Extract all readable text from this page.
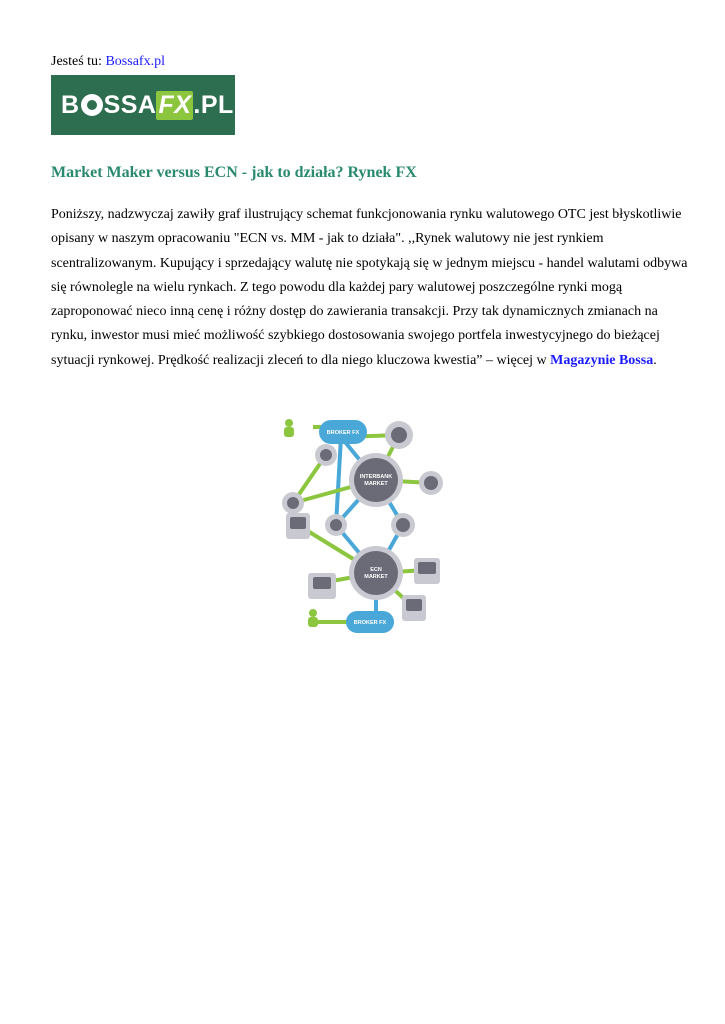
Jesteś tu: Bossafx.pl
B SSA FX .PL
Market Maker versus ECN - jak to działa? Rynek FX

Poniższy, nadzwyczaj zawiły graf ilustrujący schemat funkcjonowania rynku walutowego OTC jest błyskotliwie opisany w naszym opracowaniu "ECN vs. MM - jak to działa". ,,Rynek walutowy nie jest rynkiem scentralizowanym. Kupujący i sprzedający walutę nie spotykają się w jednym miejscu - handel walutami odbywa się równolegle na wielu rynkach. Z tego powodu dla każdej pary walutowej poszczególne rynki mogą zaproponować nieco inną cenę i różny dostęp do zawierania transakcji. Przy tak dynamicznych zmianach na rynku, inwestor musi mieć możliwość szybkiego dostosowania swojego portfela inwestycyjnego do bieżącej sytuacji rynkowej. Prędkość realizacji zleceń to dla niego kluczowa kwestia” – więcej w Magazynie Bossa.

BROKER FX
INTERBANK
MARKET
ECN
MARKET
BROKER FX
